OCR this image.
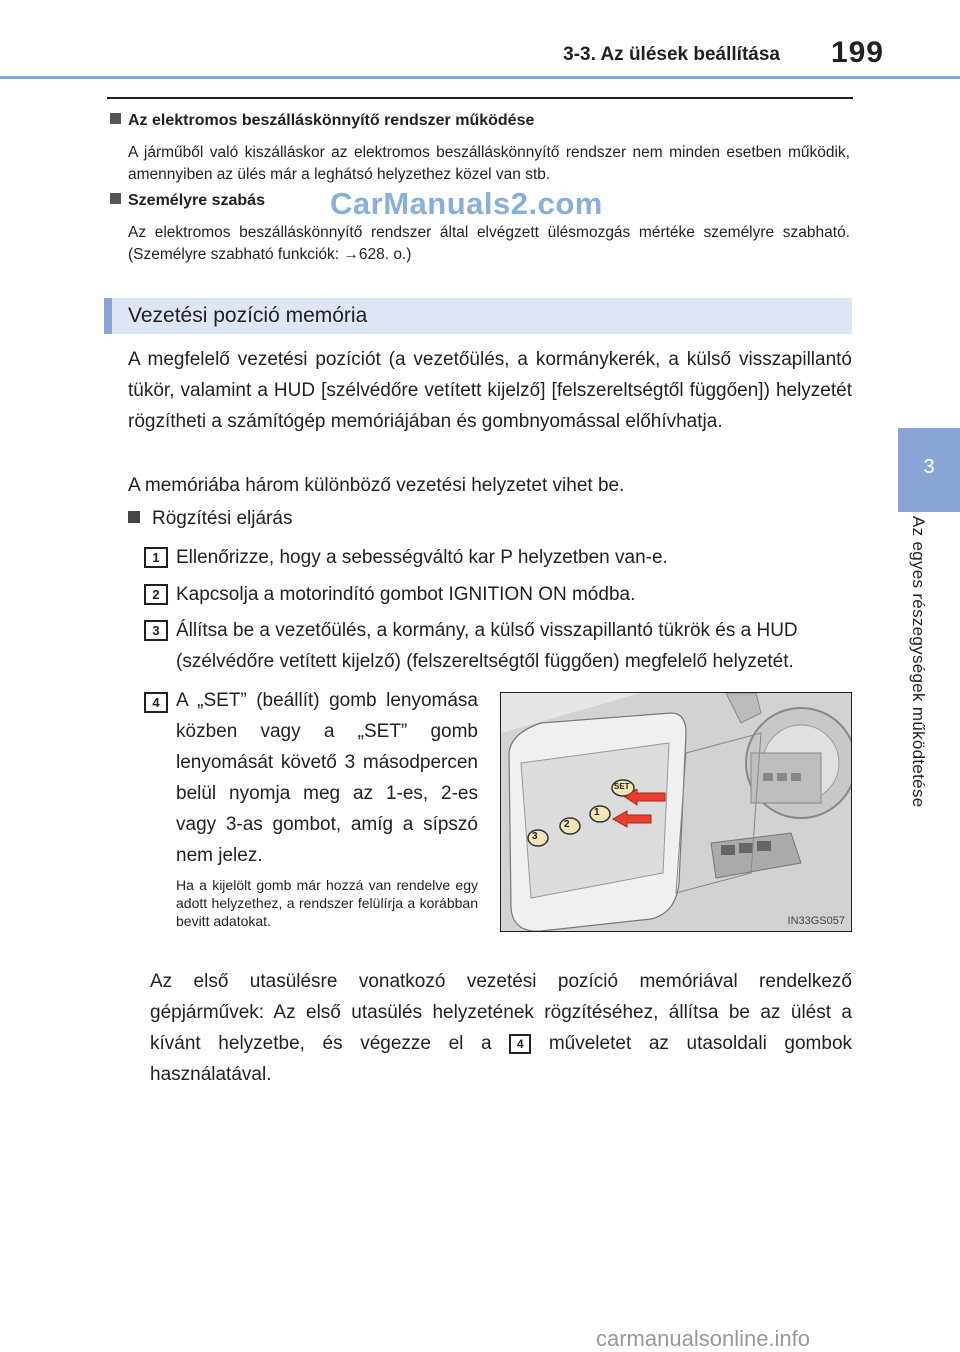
3-3. Az ülések beállítása 199
3
Az egyes részegységek működtetése
Az elektromos beszálláskönnyítő rendszer működése
A járműből való kiszálláskor az elektromos beszálláskönnyítő rendszer nem minden esetben működik, amennyiben az ülés már a leghátsó helyzethez közel van stb.
Személyre szabás
Az elektromos beszálláskönnyítő rendszer által elvégzett ülésmozgás mértéke személyre szabható. (Személyre szabható funkciók: →628. o.)
CarManuals2.com
Vezetési pozíció memória
A megfelelő vezetési pozíciót (a vezetőülés, a kormánykerék, a külső visszapillantó tükör, valamint a HUD [szélvédőre vetített kijelző] [felszereltségtől függően]) helyzetét rögzítheti a számítógép memóriájában és gombnyomással előhívhatja.
A memóriába három különböző vezetési helyzetet vihet be.
Rögzítési eljárás
1 Ellenőrizze, hogy a sebességváltó kar P helyzetben van-e.
2 Kapcsolja a motorindító gombot IGNITION ON módba.
3 Állítsa be a vezetőülés, a kormány, a külső visszapillantó tükrök és a HUD (szélvédőre vetített kijelző) (felszereltségtől függően) megfelelő helyzetét.
4 A „SET” (beállít) gomb lenyomása közben vagy a „SET” gomb lenyomását követő 3 másodpercen belül nyomja meg az 1-es, 2-es vagy 3-as gombot, amíg a sípszó nem jelez.
Ha a kijelölt gomb már hozzá van rendelve egy adott helyzethez, a rendszer felülírja a korábban bevitt adatokat.
3
2
1
SET
IN33GS057
Az első utasülésre vonatkozó vezetési pozíció memóriával rendelkező gépjárművek: Az első utasülés helyzetének rögzítéséhez, állítsa be az ülést a kívánt helyzetbe, és végezze el a 4 műveletet az utasoldali gombok használatával.
carmanualsonline.info
